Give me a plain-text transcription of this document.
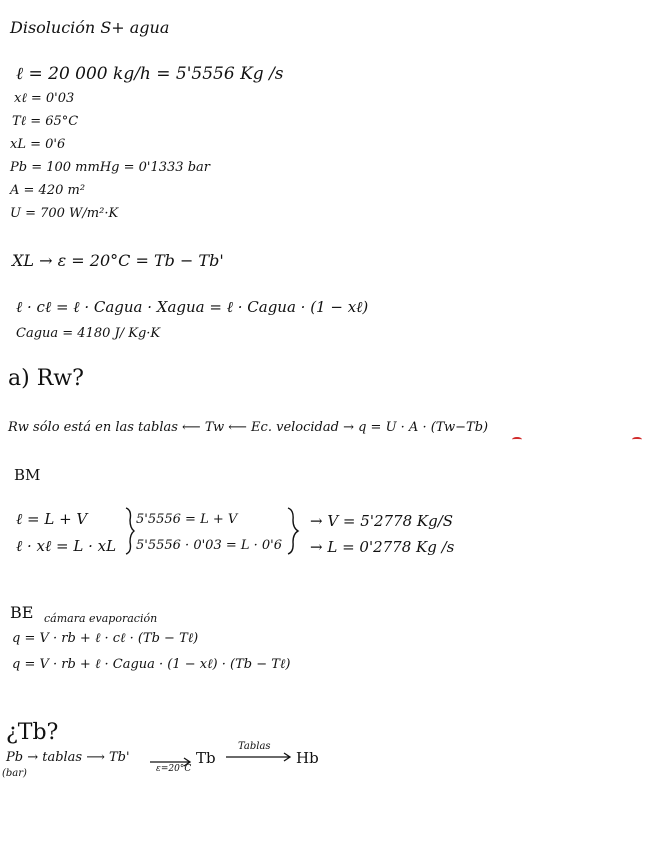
Disolución S+ agua
ℓ = 20 000 kg/h = 5'5556 Kg /s
xℓ = 0'03
Tℓ = 65°C
xL = 0'6
Pb = 100 mmHg = 0'1333 bar
A = 420 m²
U = 700 W/m²·K
XL → ε = 20°C = Tb − Tb'
ℓ · cℓ = ℓ · Cagua · Xagua = ℓ · Cagua · (1 − xℓ)
Cagua = 4180 J/ Kg·K
a) Rw?
Rw sólo está en las tablas ⟵ Tw ⟵ Ec. velocidad → q = U · A · (Tw−Tb)
BM
ℓ = L + V	5'5556 = L + V	→ V = 5'2778 Kg/S
ℓ · xℓ = L · xL 5'5556 · 0'03 = L · 0'6 → L = 0'2778 Kg /s
BE cámara evaporación
q = V · rb + ℓ · cℓ · (Tb − Tℓ)
q = V · rb + ℓ · Cagua · (1 − xℓ) · (Tb − Tℓ)
¿Tb?
Pb → tablas ⟶ Tb'
ε=20°C
Tb
Tablas
Hb
(bar)
